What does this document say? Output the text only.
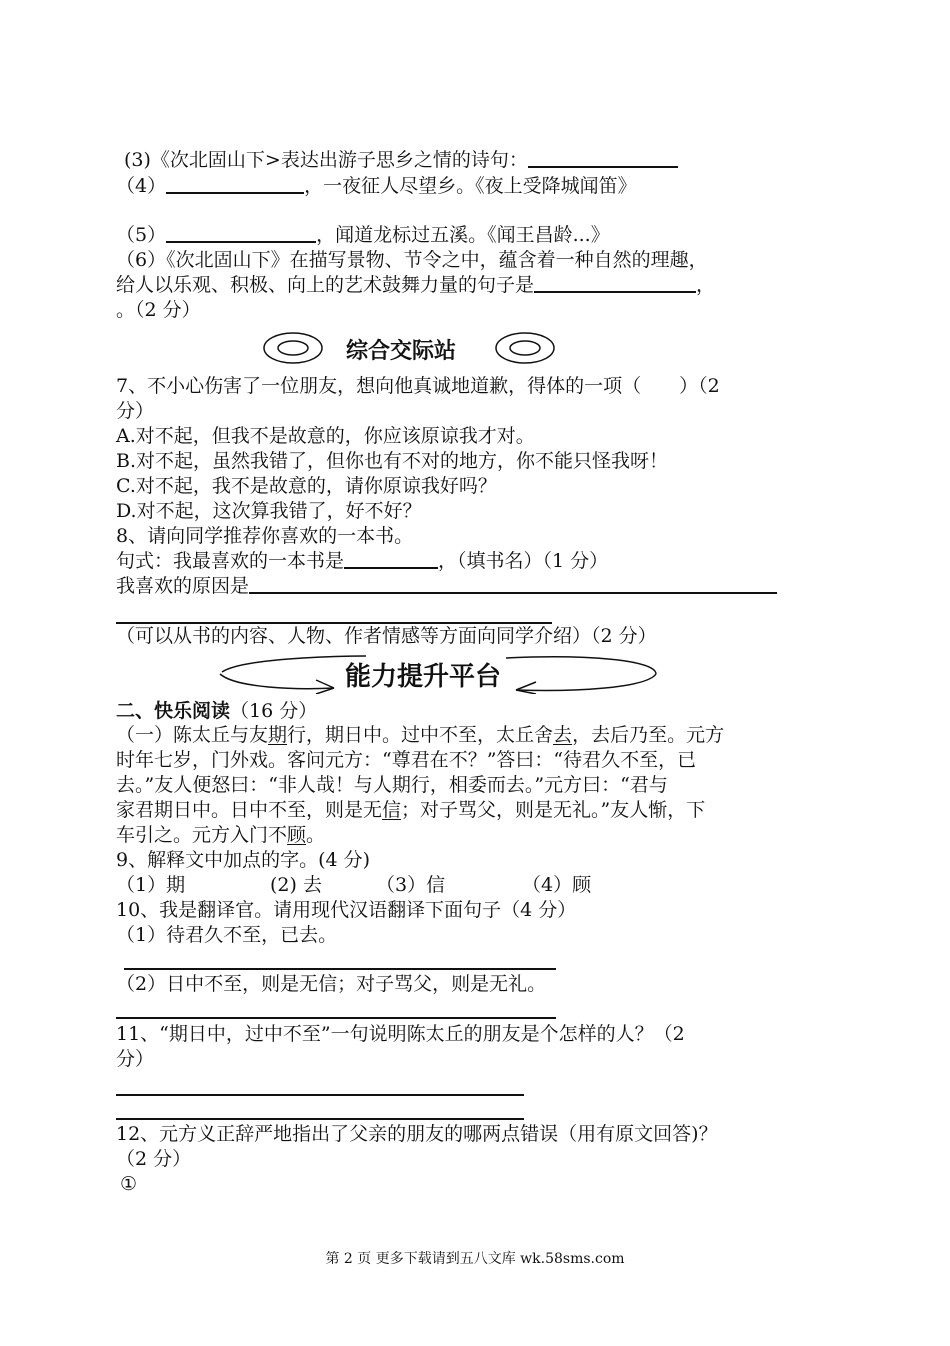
(3)《次北固山下>表达出游子思乡之情的诗句：
（4）	，一夜征人尽望乡。《夜上受降城闻笛》
（5）	，闻道龙标过五溪。《闻王昌龄...》
（6）《次北固山下》在描写景物、节令之中，蕴含着一种自然的理趣，
给人以乐观、积极、向上的艺术鼓舞力量的句子是	，
。（2 分）
综合交际站
7、不小心伤害了一位朋友，想向他真诚地道歉，得体的一项（　　）（2
分）
A.对不起，但我不是故意的，你应该原谅我才对。
B.对不起，虽然我错了，但你也有不对的地方，你不能只怪我呀！
C.对不起，我不是故意的，请你原谅我好吗？
D.对不起，这次算我错了，好不好？
8、请向同学推荐你喜欢的一本书。
句式：我最喜欢的一本书是	，（填书名）（1 分）
我喜欢的原因是
（可以从书的内容、人物、作者情感等方面向同学介绍）（2 分）
能力提升平台
二、快乐阅读（16 分）
（一）陈太丘与友期行，期日中。过中不至，太丘舍去，去后乃至。元方
时年七岁，门外戏。客问元方：“尊君在不？”答曰：“待君久不至，已
去。”友人便怒曰：“非人哉！与人期行，相委而去。”元方曰：“君与
家君期日中。日中不至，则是无信；对子骂父，则是无礼。”友人惭，下
车引之。元方入门不顾。
9、解释文中加点的字。(4 分)
（1）期	(2) 去	（3）信	（4）顾
10、我是翻译官。请用现代汉语翻译下面句子（4 分）
（1）待君久不至，已去。
（2）日中不至，则是无信；对子骂父，则是无礼。
11、“期日中，过中不至”一句说明陈太丘的朋友是个怎样的人？（2
分）
12、元方义正辞严地指出了父亲的朋友的哪两点错误（用有原文回答)？
（2 分）
①
第 2 页 更多下载请到五八文库 wk.58sms.com
